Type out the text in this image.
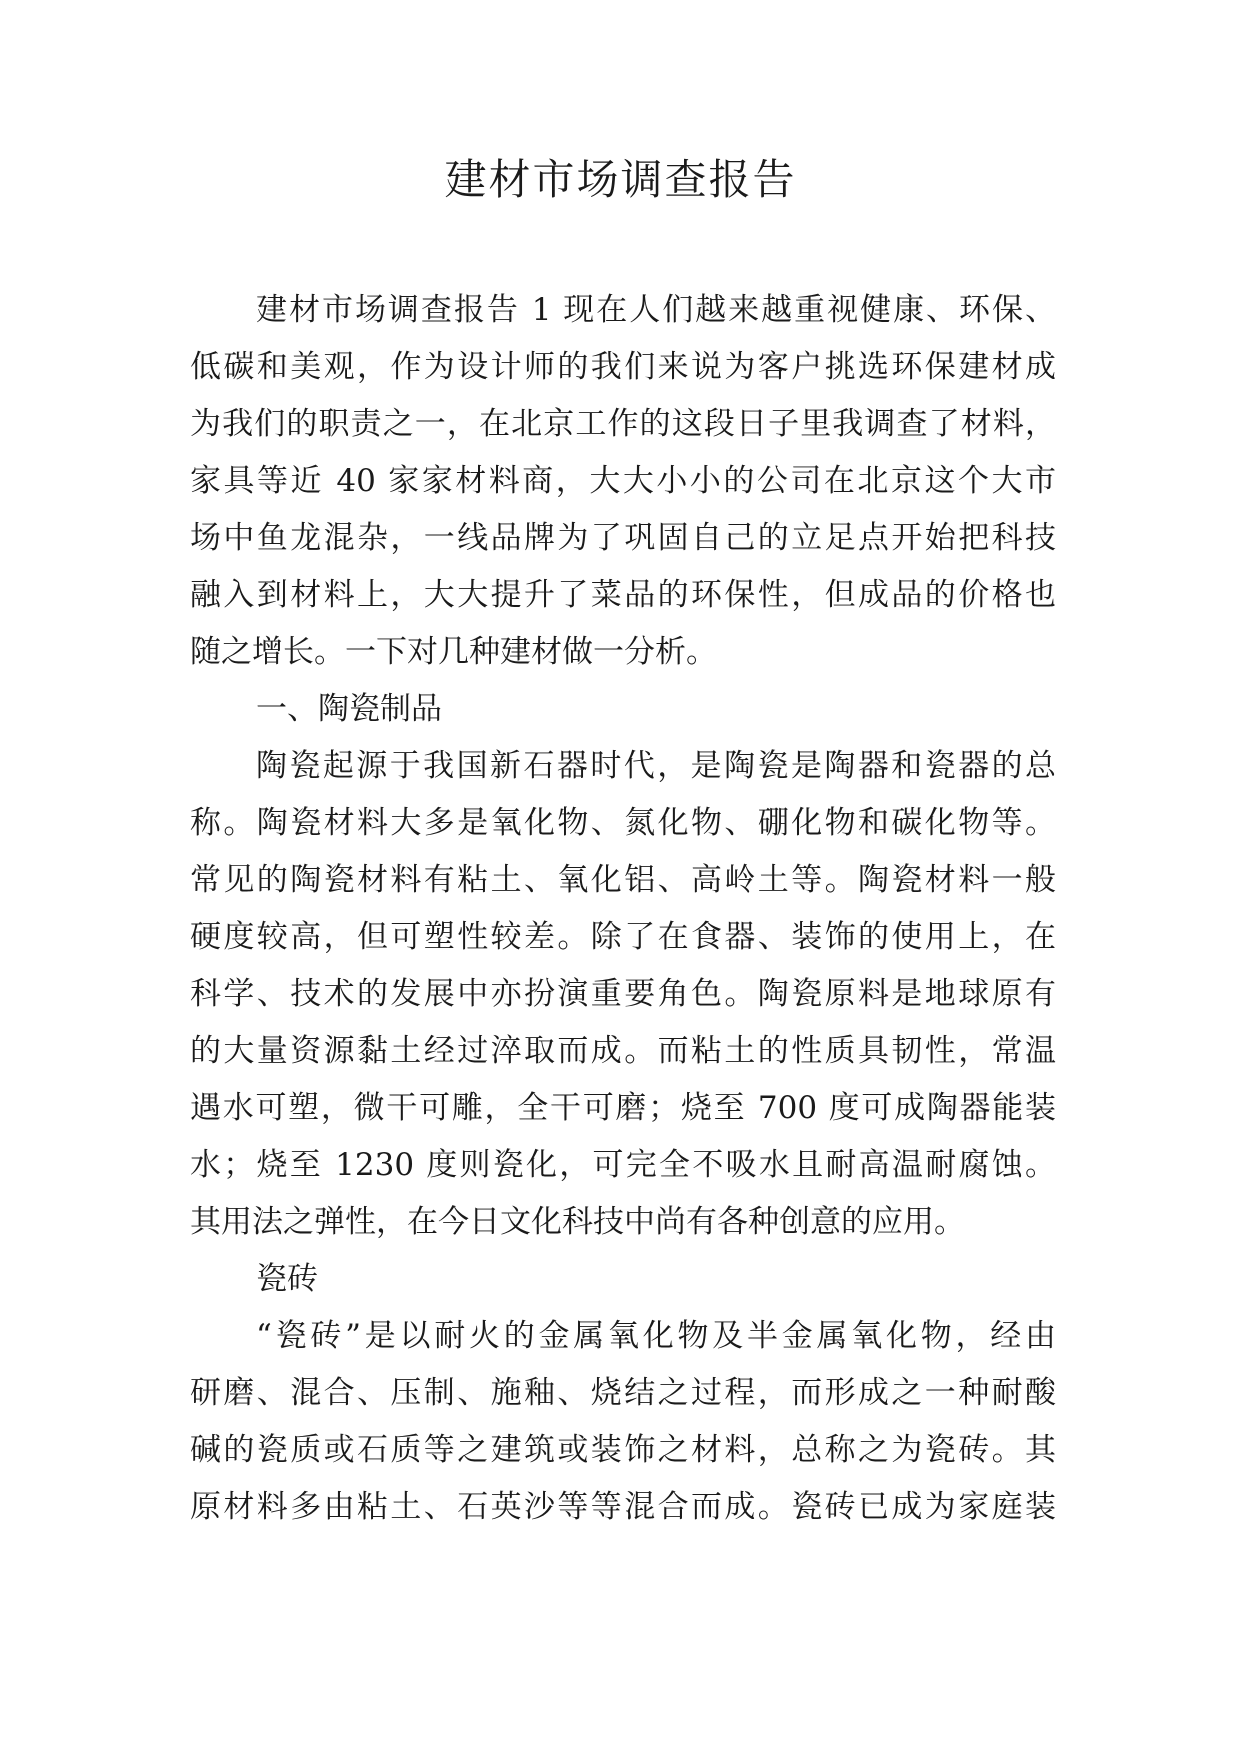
建材市场调查报告
建材市场调查报告 1 现在人们越来越重视健康、环保、
低碳和美观，作为设计师的我们来说为客户挑选环保建材成
为我们的职责之一，在北京工作的这段日子里我调查了材料，
家具等近 40 家家材料商，大大小小的公司在北京这个大市
场中鱼龙混杂，一线品牌为了巩固自己的立足点开始把科技
融入到材料上，大大提升了菜品的环保性，但成品的价格也
随之增长。一下对几种建材做一分析。
一、陶瓷制品
陶瓷起源于我国新石器时代，是陶瓷是陶器和瓷器的总
称。陶瓷材料大多是氧化物、氮化物、硼化物和碳化物等。
常见的陶瓷材料有粘土、氧化铝、高岭土等。陶瓷材料一般
硬度较高，但可塑性较差。除了在食器、装饰的使用上，在
科学、技术的发展中亦扮演重要角色。陶瓷原料是地球原有
的大量资源黏土经过淬取而成。而粘土的性质具韧性，常温
遇水可塑，微干可雕，全干可磨；烧至 700 度可成陶器能装
水；烧至 1230 度则瓷化，可完全不吸水且耐高温耐腐蚀。
其用法之弹性，在今日文化科技中尚有各种创意的应用。
瓷砖
“瓷砖”是以耐火的金属氧化物及半金属氧化物，经由
研磨、混合、压制、施釉、烧结之过程，而形成之一种耐酸
碱的瓷质或石质等之建筑或装饰之材料，总称之为瓷砖。其
原材料多由粘土、石英沙等等混合而成。瓷砖已成为家庭装
